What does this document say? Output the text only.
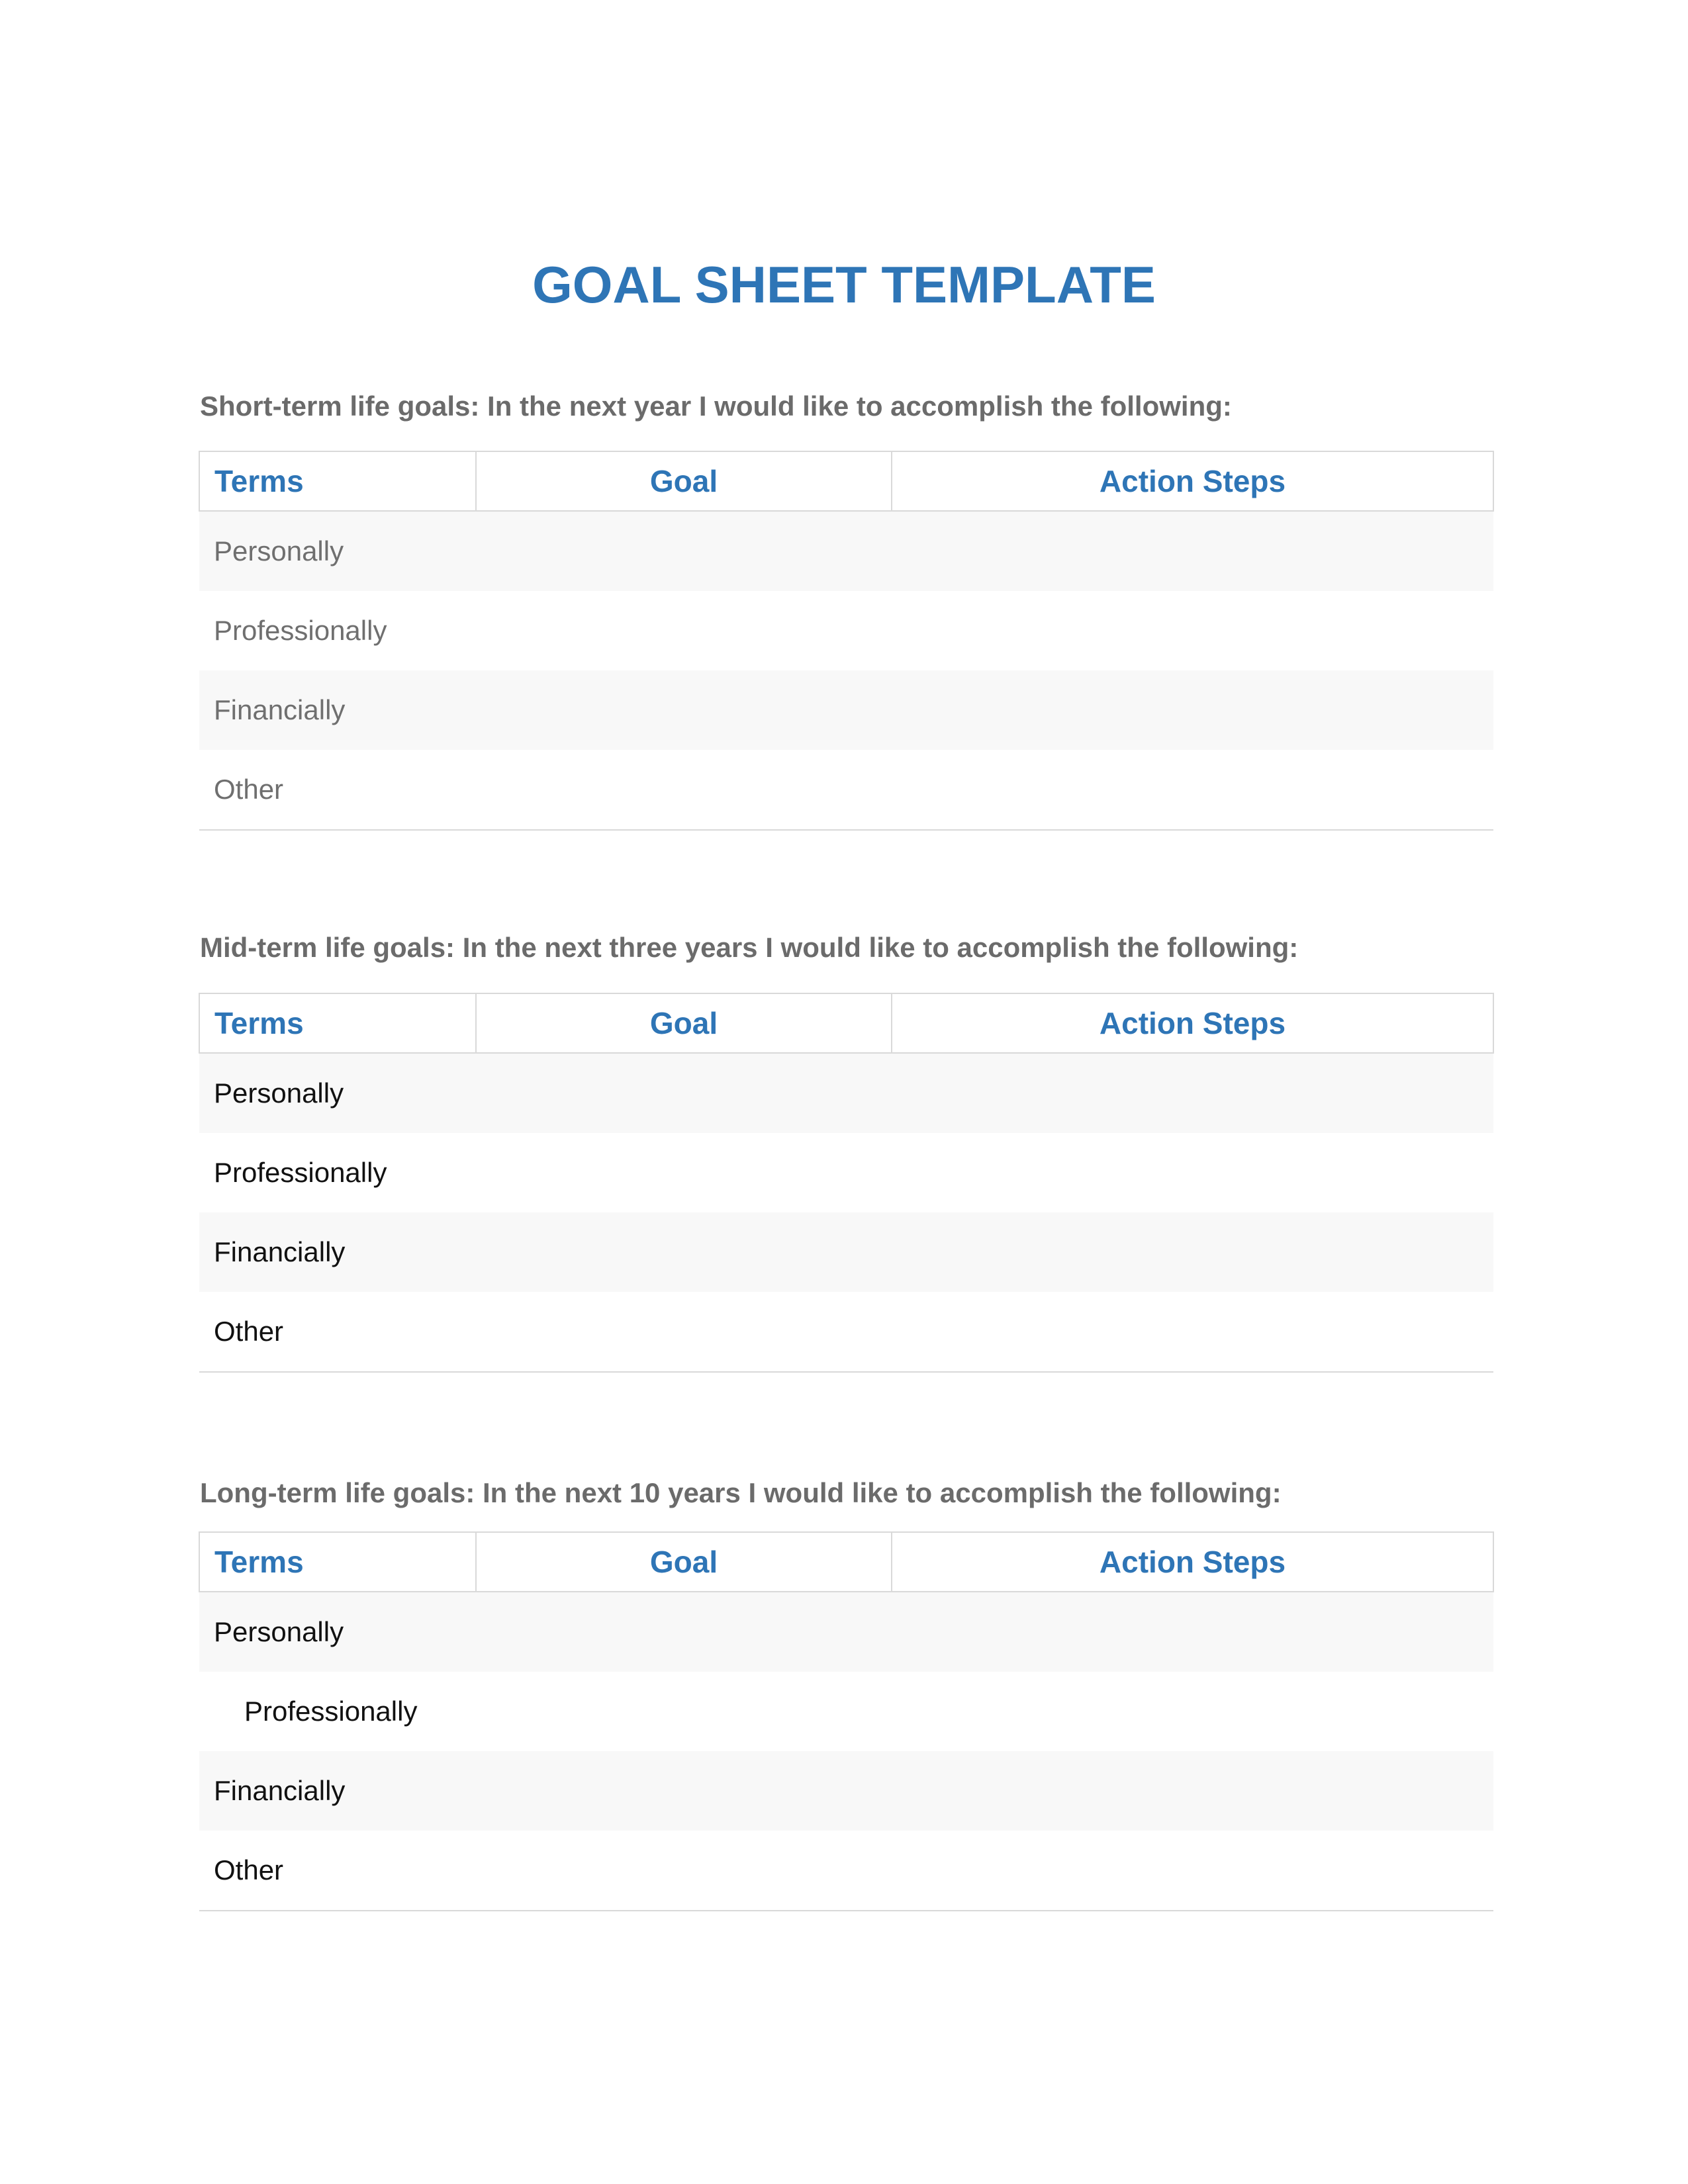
GOAL SHEET TEMPLATE
Short-term life goals: In the next year I would like to accomplish the following:
Terms	Goal	Action Steps
Personally		
Professionally		
Financially		
Other		
Mid-term life goals: In the next three years I would like to accomplish the following:
Terms	Goal	Action Steps
Personally		
Professionally		
Financially		
Other		
Long-term life goals: In the next 10 years I would like to accomplish the following:
Terms	Goal	Action Steps
Personally		
Professionally		
Financially		
Other		
